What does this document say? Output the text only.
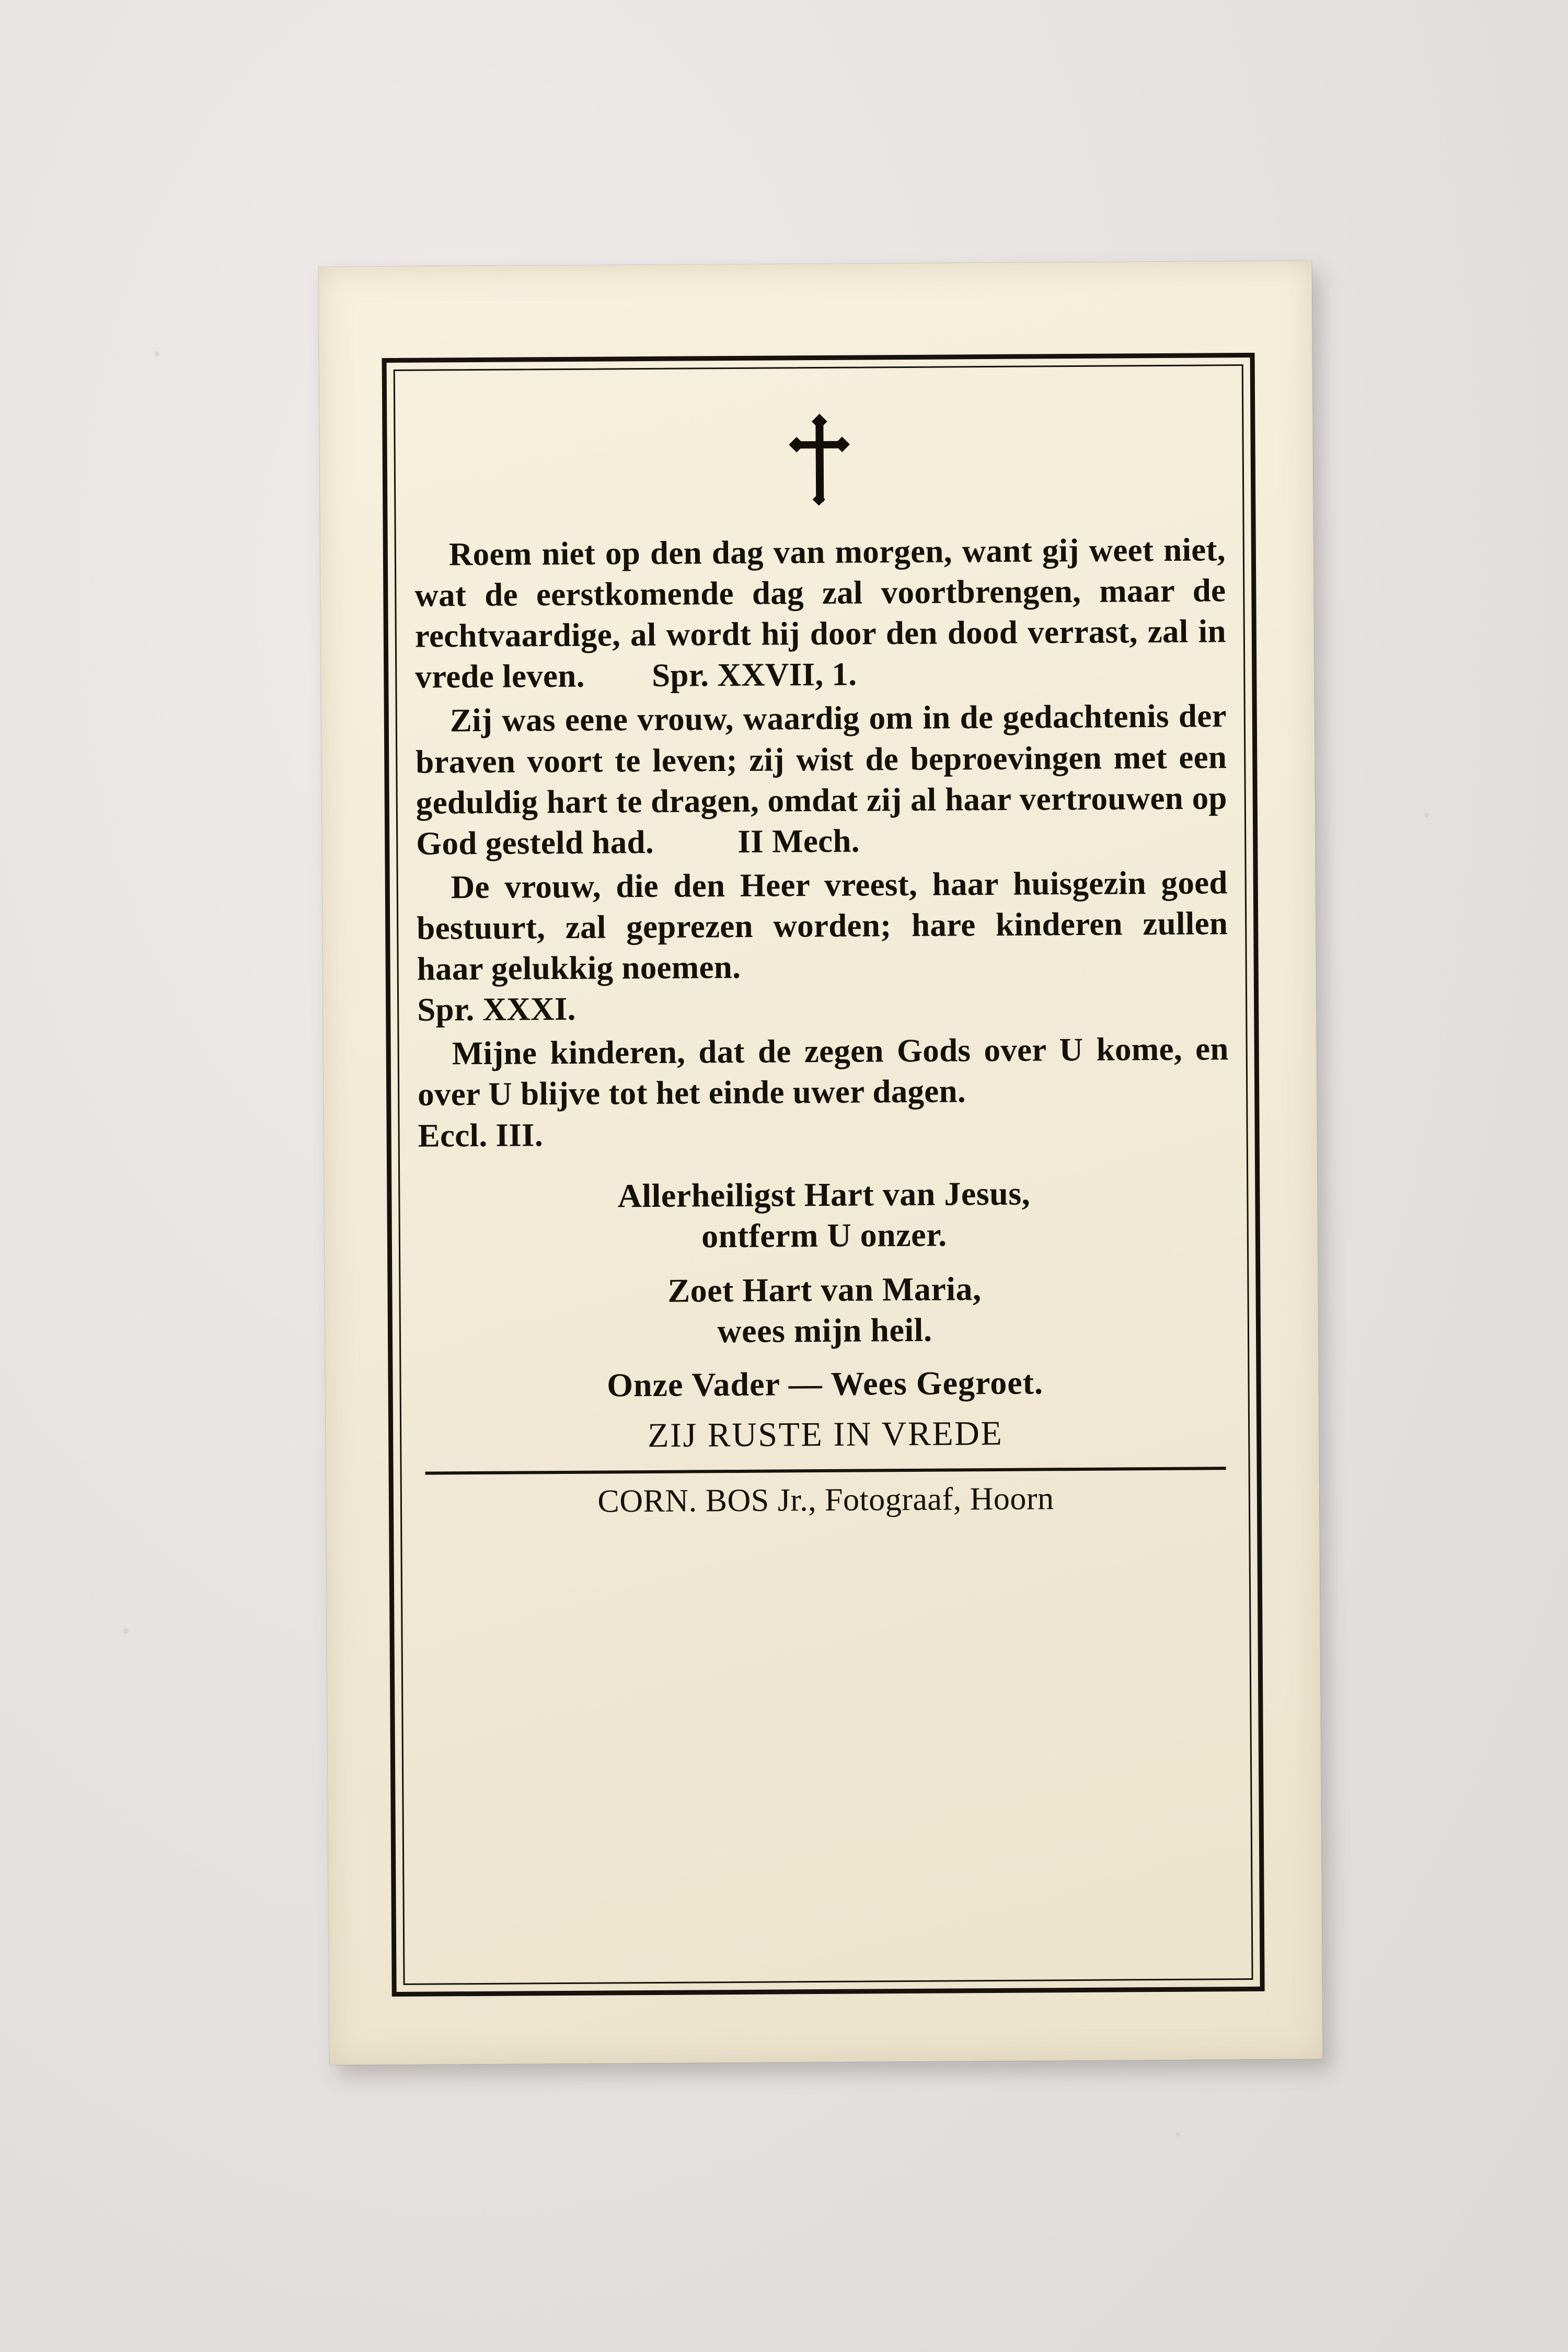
Roem niet op den dag van morgen, want gij weet niet, wat de eerstkomende dag zal voortbrengen, maar de rechtvaardige, al wordt hij door den dood verrast, zal in vrede leven. Spr. XXVII, 1.

Zij was eene vrouw, waardig om in de gedachtenis der braven voort te leven; zij wist de beproevingen met een geduldig hart te dragen, omdat zij al haar vertrouwen op God gesteld had.	II Mech.

De vrouw, die den Heer vreest, haar huisgezin goed bestuurt, zal geprezen worden; hare kinderen zullen haar gelukkig noemen.
Spr. XXXI.

Mijne kinderen, dat de zegen Gods over U kome, en over U blijve tot het einde uwer dagen.
Eccl. III.

Allerheiligst Hart van Jesus,
ontferm U onzer.
Zoet Hart van Maria,
wees mijn heil.
Onze Vader — Wees Gegroet.
ZIJ RUSTE IN VREDE
CORN. BOS Jr., Fotograaf, Hoorn
